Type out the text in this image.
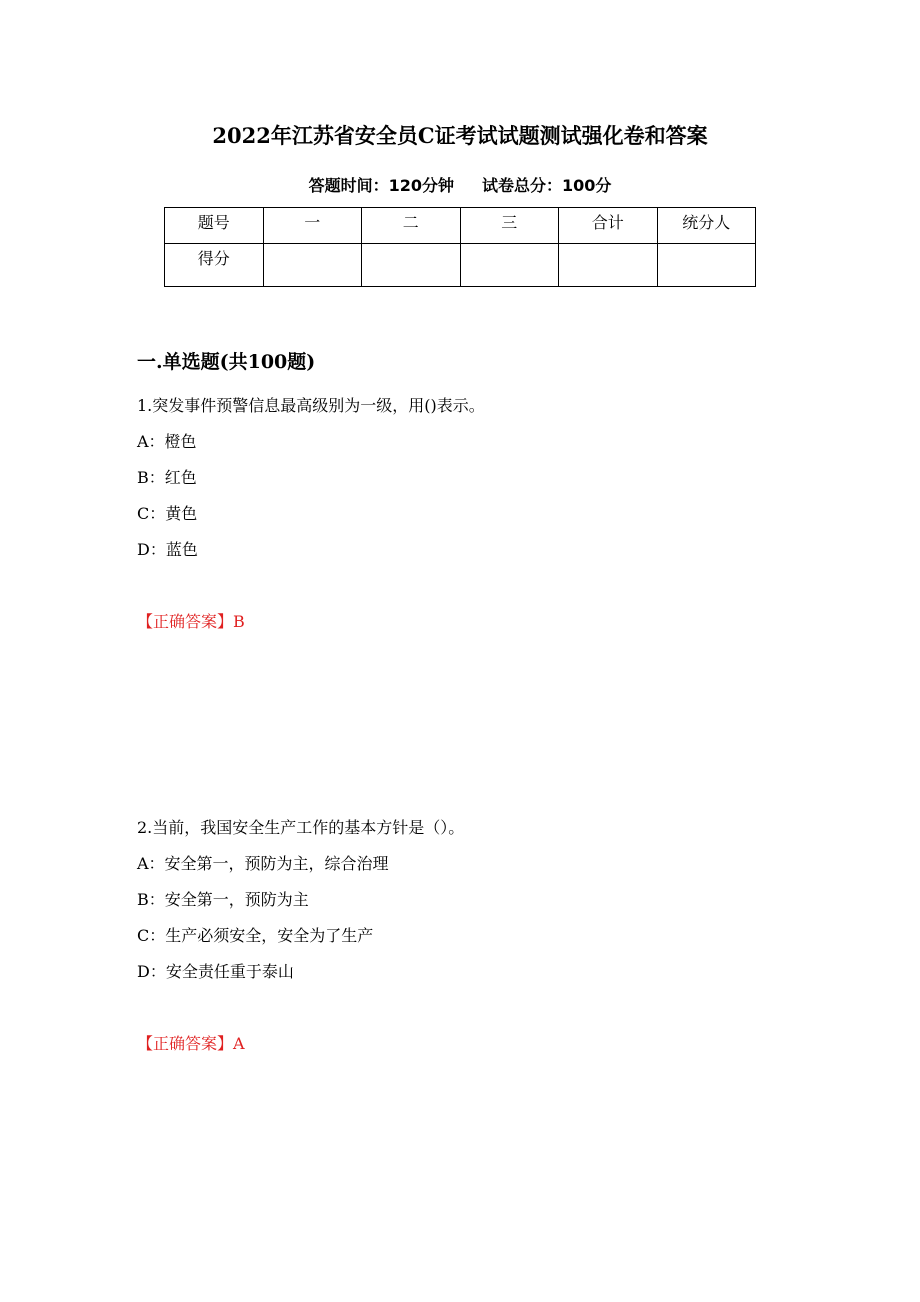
2022年江苏省安全员C证考试试题测试强化卷和答案
答题时间：120分钟 试卷总分：100分
题号	一	二	三	合计	统分人
得分					
一.单选题(共100题)
1.突发事件预警信息最高级别为一级，用()表示。
A：橙色
B：红色
C：黄色
D：蓝色
【正确答案】B
2.当前，我国安全生产工作的基本方针是（）。
A：安全第一，预防为主，综合治理
B：安全第一，预防为主
C：生产必须安全，安全为了生产
D：安全责任重于泰山
【正确答案】A
